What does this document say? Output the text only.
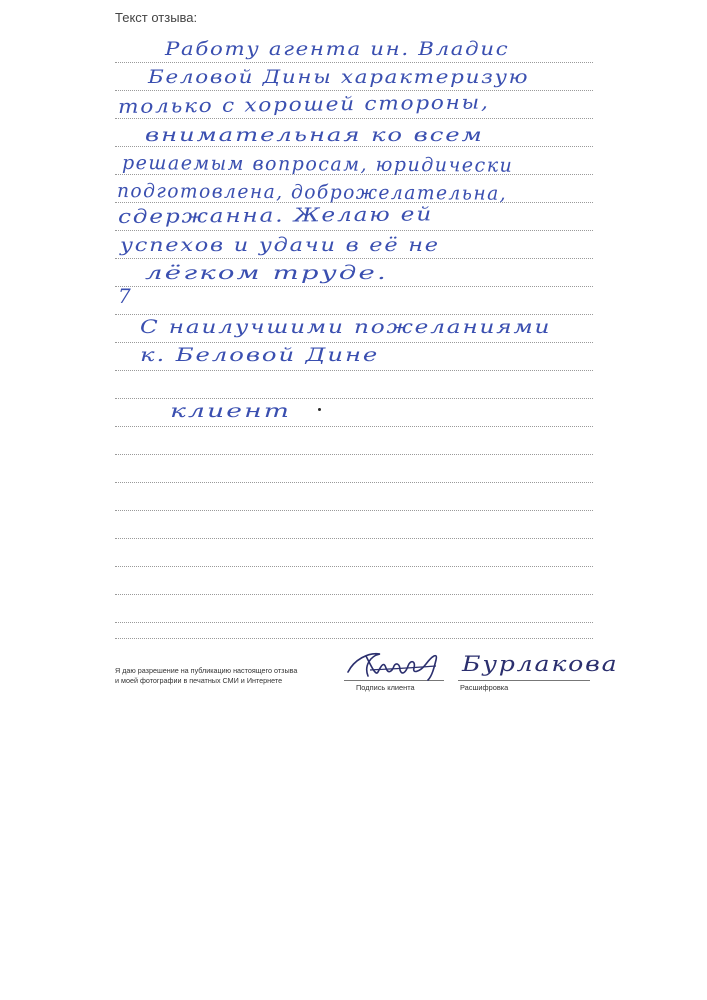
Текст отзыва:
Работу агента ин. Владис
Беловой Дины характеризую
только с хорошей стороны,
внимательная ко всем
решаемым вопросам, юридически
подготовлена, доброжелательна,
сдержанна. Желаю ей
успехов и удачи в её не
лёгком труде.
7
С наилучшими пожеланиями
к. Беловой Дине
клиент
Я даю разрешение на публикацию настоящего отзыва
и моей фотографии в печатных СМИ и Интернете
Подпись клиента	Расшифровка
Бурлакова
